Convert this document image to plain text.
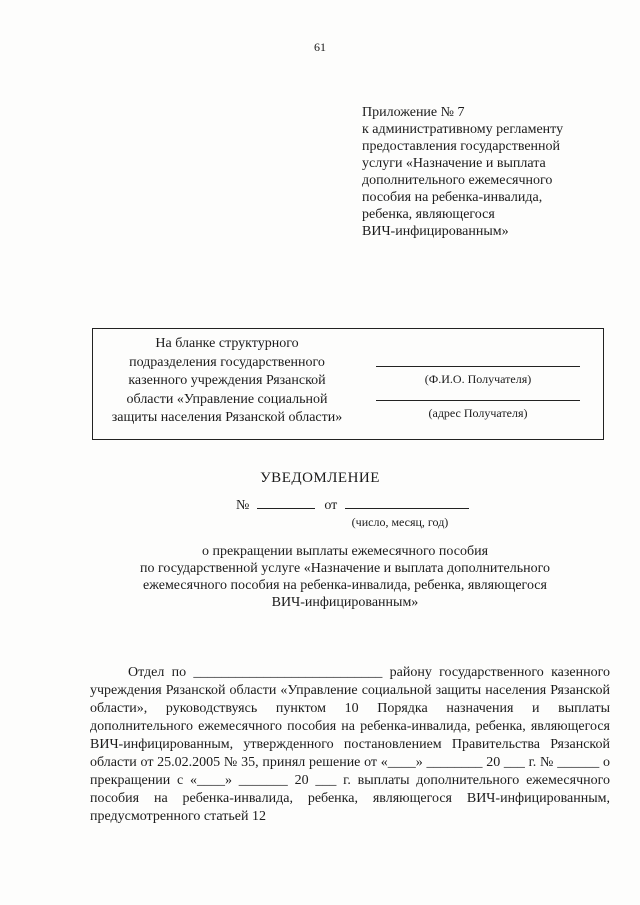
61
Приложение № 7
к административному регламенту
предоставления государственной
услуги «Назначение и выплата
дополнительного ежемесячного
пособия на ребенка-инвалида,
ребенка, являющегося
ВИЧ-инфицированным»
На бланке структурного
подразделения государственного
казенного учреждения Рязанской
области «Управление социальной
защиты населения Рязанской области»
(Ф.И.О. Получателя)
(адрес Получателя)
УВЕДОМЛЕНИЕ
№	от
(число, месяц, год)
о прекращении выплаты ежемесячного пособия
по государственной услуге «Назначение и выплата дополнительного
ежемесячного пособия на ребенка-инвалида, ребенка, являющегося
ВИЧ-инфицированным»

Отдел по ___________________________ району государственного казенного учреждения Рязанской области «Управление социальной защиты населения Рязанской области», руководствуясь пунктом 10 Порядка назначения и выплаты дополнительного ежемесячного пособия на ребенка-инвалида, ребенка, являющегося ВИЧ-инфицированным, утвержденного постановлением Правительства Рязанской области от 25.02.2005 № 35, принял решение от «____» ________ 20 ___ г. № ______ о прекращении с «____» _______ 20 ___ г. выплаты дополнительного ежемесячного пособия на ребенка-инвалида, ребенка, являющегося ВИЧ-инфицированным, предусмотренного статьей 12
